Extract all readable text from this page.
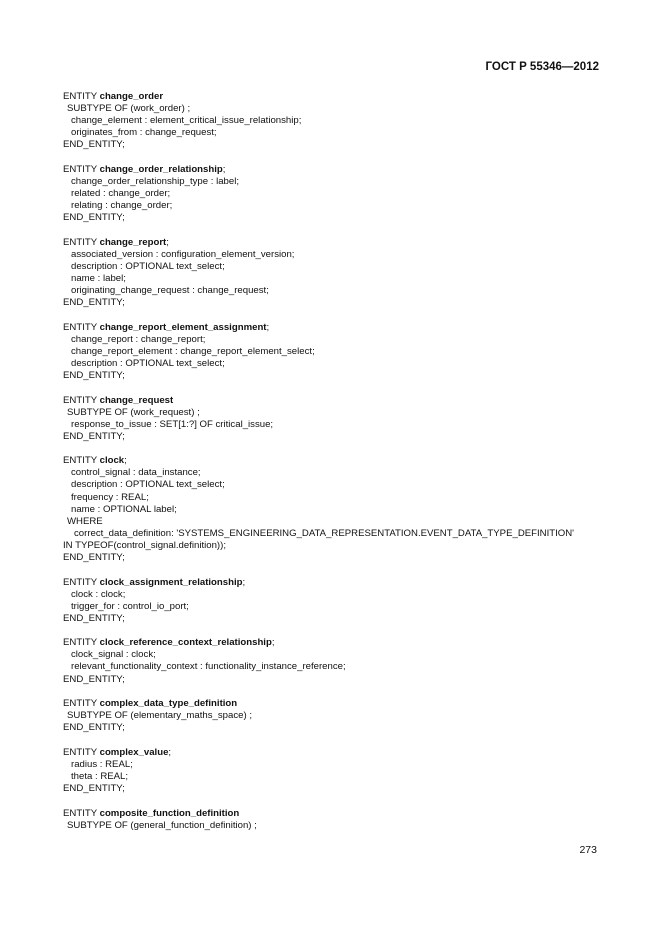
ГОСТ Р 55346—2012
ENTITY change_order
SUBTYPE OF (work_order) ;
change_element : element_critical_issue_relationship;
originates_from : change_request;
END_ENTITY;
ENTITY change_order_relationship;
change_order_relationship_type : label;
related : change_order;
relating : change_order;
END_ENTITY;
ENTITY change_report;
associated_version : configuration_element_version;
description : OPTIONAL text_select;
name : label;
originating_change_request : change_request;
END_ENTITY;
ENTITY change_report_element_assignment;
change_report : change_report;
change_report_element : change_report_element_select;
description : OPTIONAL text_select;
END_ENTITY;
ENTITY change_request
SUBTYPE OF (work_request) ;
response_to_issue : SET[1:?] OF critical_issue;
END_ENTITY;
ENTITY clock;
control_signal : data_instance;
description : OPTIONAL text_select;
frequency : REAL;
name : OPTIONAL label;
WHERE
correct_data_definition: 'SYSTEMS_ENGINEERING_DATA_REPRESENTATION.EVENT_DATA_TYPE_DEFINITION'
IN TYPEOF(control_signal.definition));
END_ENTITY;
ENTITY clock_assignment_relationship;
clock : clock;
trigger_for : control_io_port;
END_ENTITY;
ENTITY clock_reference_context_relationship;
clock_signal : clock;
relevant_functionality_context : functionality_instance_reference;
END_ENTITY;
ENTITY complex_data_type_definition
SUBTYPE OF (elementary_maths_space) ;
END_ENTITY;
ENTITY complex_value;
radius : REAL;
theta : REAL;
END_ENTITY;
ENTITY composite_function_definition
SUBTYPE OF (general_function_definition) ;
273
